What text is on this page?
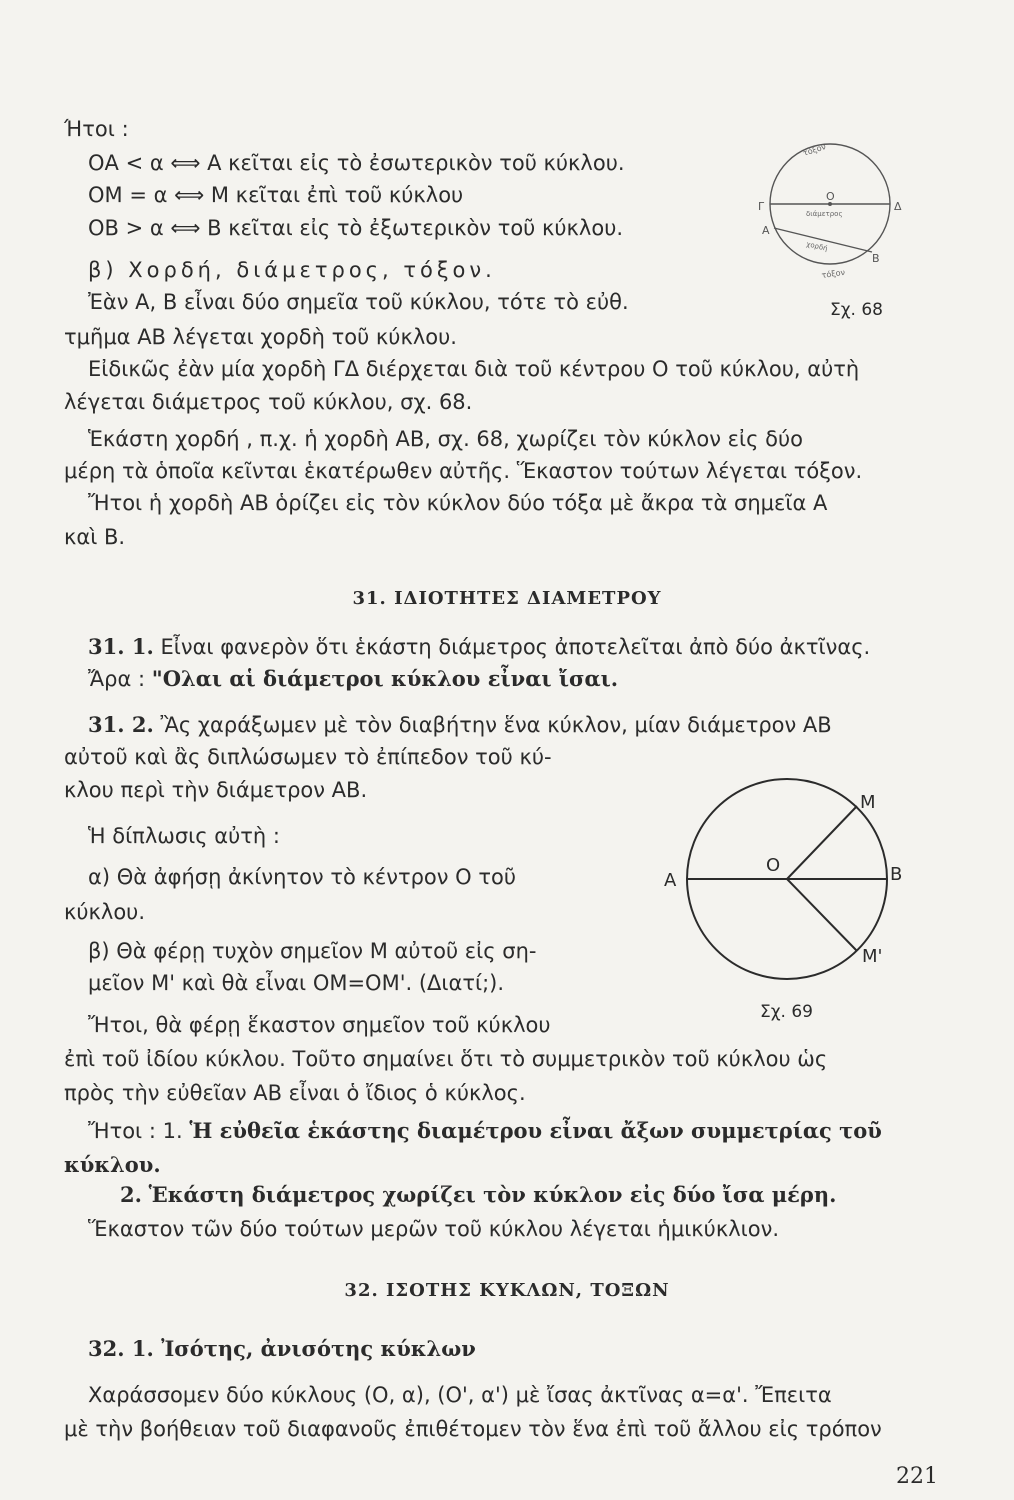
Ήτοι :
ΟΑ < α ⟺ Α κεῖται εἰς τὸ ἐσωτερικὸν τοῦ κύκλου.
ΟΜ = α ⟺ Μ κεῖται ἐπὶ τοῦ κύκλου
ΟΒ > α ⟺ Β κεῖται εἰς τὸ ἐξωτερικὸν τοῦ κύκλου.
β) Χορδή, διάμετρος, τόξον.
Ἐὰν Α, Β εἶναι δύο σημεῖα τοῦ κύκλου, τότε τὸ εὐθ.
τμῆμα ΑΒ λέγεται χορδὴ τοῦ κύκλου.
Εἰδικῶς ἐὰν μία χορδὴ ΓΔ διέρχεται διὰ τοῦ κέντρου Ο τοῦ κύκλου, αὐτὴ
λέγεται διάμετρος τοῦ κύκλου, σχ. 68.
Ἑκάστη χορδή , π.χ. ἡ χορδὴ ΑΒ, σχ. 68, χωρίζει τὸν κύκλον εἰς δύο
μέρη τὰ ὁποῖα κεῖνται ἑκατέρωθεν αὐτῆς. Ἕκαστον τούτων λέγεται τόξον.
Ἤτοι ἡ χορδὴ ΑΒ ὁρίζει εἰς τὸν κύκλον δύο τόξα μὲ ἄκρα τὰ σημεῖα Α
καὶ Β.
Γ	Δ
Ο
Α
Β
διάμετρος
χορδή
τόξον
τόξον
Σχ. 68
31. ΙΔΙΟΤΗΤΕΣ ΔΙΑΜΕΤΡΟΥ
31. 1. Εἶναι φανερὸν ὅτι ἑκάστη διάμετρος ἀποτελεῖται ἀπὸ δύο ἀκτῖνας.
Ἄρα : "Ολαι αἱ διάμετροι κύκλου εἶναι ἴσαι.
31. 2. Ἂς χαράξωμεν μὲ τὸν διαβήτην ἕνα κύκλον, μίαν διάμετρον ΑΒ
αὐτοῦ καὶ ἂς διπλώσωμεν τὸ ἐπίπεδον τοῦ κύ-
κλου περὶ τὴν διάμετρον ΑΒ.
Ἡ δίπλωσις αὐτὴ :
α) Θὰ ἀφήσῃ ἀκίνητον τὸ κέντρον Ο τοῦ
κύκλου.
β) Θὰ φέρῃ τυχὸν σημεῖον Μ αὐτοῦ εἰς ση-
μεῖον Μ' καὶ θὰ εἶναι ΟΜ=ΟΜ'. (Διατί;).
Ἤτοι, θὰ φέρῃ ἕκαστον σημεῖον τοῦ κύκλου
ἐπὶ τοῦ ἰδίου κύκλου. Τοῦτο σημαίνει ὅτι τὸ συμμετρικὸν τοῦ κύκλου ὡς
πρὸς τὴν εὐθεῖαν ΑΒ εἶναι ὁ ἴδιος ὁ κύκλος.
Α
Ο	Β
Μ
Μ'
Σχ. 69
Ἤτοι : 1. Ἡ εὐθεῖα ἑκάστης διαμέτρου εἶναι ἄξων συμμετρίας τοῦ
κύκλου.
2. Ἑκάστη διάμετρος χωρίζει τὸν κύκλον εἰς δύο ἴσα μέρη.
Ἕκαστον τῶν δύο τούτων μερῶν τοῦ κύκλου λέγεται ἡμικύκλιον.
32. ΙΣΟΤΗΣ ΚΥΚΛΩΝ, ΤΟΞΩΝ
32. 1. Ἰσότης, ἀνισότης κύκλων
Χαράσσομεν δύο κύκλους (Ο, α), (Ο', α') μὲ ἴσας ἀκτῖνας α=α'. Ἔπειτα
μὲ τὴν βοήθειαν τοῦ διαφανοῦς ἐπιθέτομεν τὸν ἕνα ἐπὶ τοῦ ἄλλου εἰς τρόπον
221
